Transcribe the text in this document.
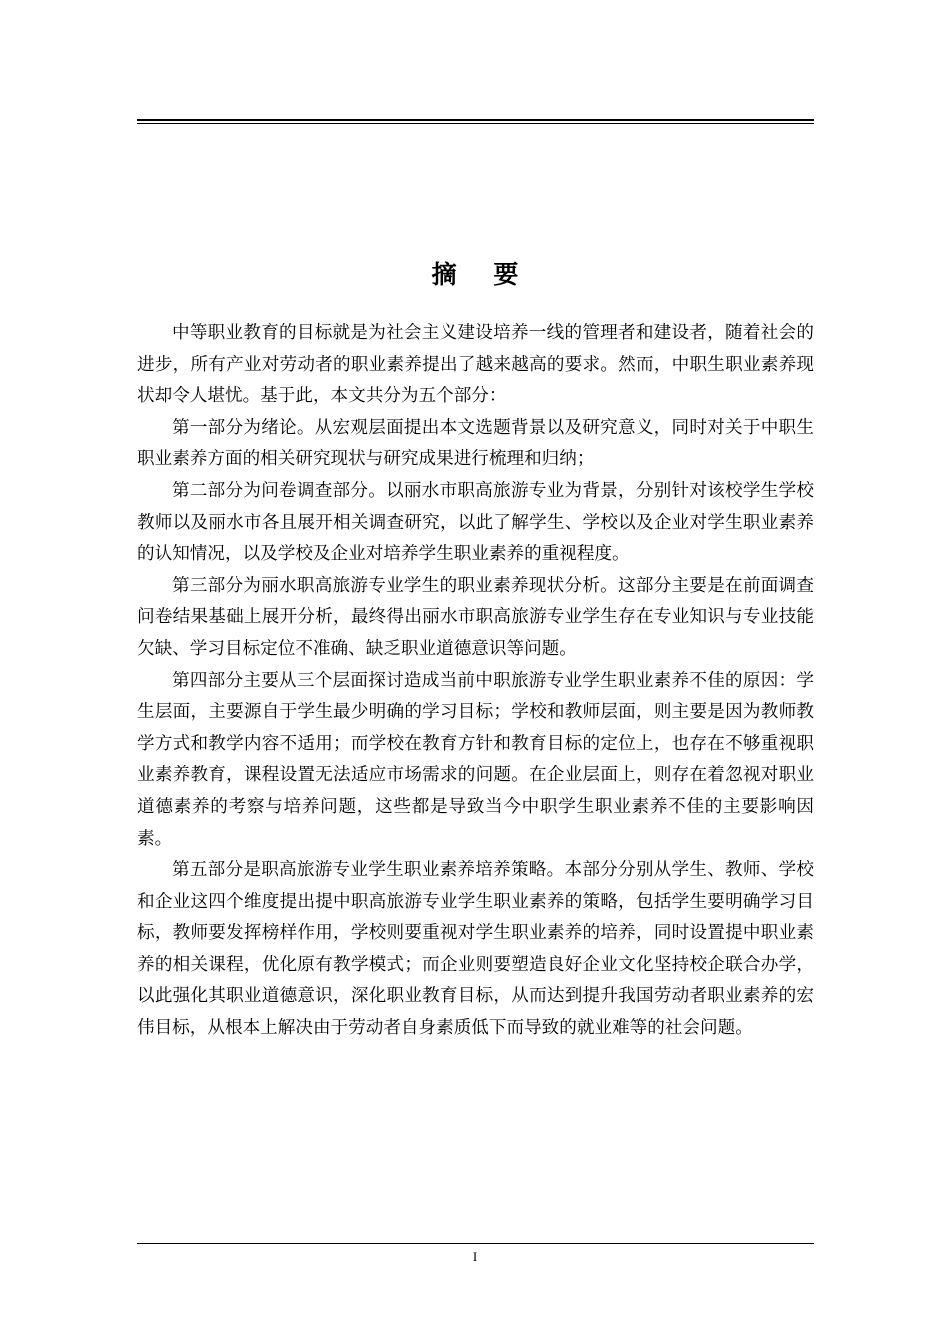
摘 要

中等职业教育的目标就是为社会主义建设培养一线的管理者和建设者，随着社会的进步，所有产业对劳动者的职业素养提出了越来越高的要求。然而，中职生职业素养现状却令人堪忧。基于此，本文共分为五个部分：

第一部分为绪论。从宏观层面提出本文选题背景以及研究意义，同时对关于中职生职业素养方面的相关研究现状与研究成果进行梳理和归纳；

第二部分为问卷调查部分。以丽水市职高旅游专业为背景，分别针对该校学生学校教师以及丽水市各且展开相关调查研究，以此了解学生、学校以及企业对学生职业素养的认知情况，以及学校及企业对培养学生职业素养的重视程度。

第三部分为丽水职高旅游专业学生的职业素养现状分析。这部分主要是在前面调查问卷结果基础上展开分析，最终得出丽水市职高旅游专业学生存在专业知识与专业技能欠缺、学习目标定位不准确、缺乏职业道德意识等问题。

第四部分主要从三个层面探讨造成当前中职旅游专业学生职业素养不佳的原因：学生层面，主要源自于学生最少明确的学习目标；学校和教师层面，则主要是因为教师教学方式和教学内容不适用；而学校在教育方针和教育目标的定位上，也存在不够重视职业素养教育，课程设置无法适应市场需求的问题。在企业层面上，则存在着忽视对职业道德素养的考察与培养问题，这些都是导致当今中职学生职业素养不佳的主要影响因素。

第五部分是职高旅游专业学生职业素养培养策略。本部分分别从学生、教师、学校和企业这四个维度提出提中职高旅游专业学生职业素养的策略，包括学生要明确学习目标，教师要发挥榜样作用，学校则要重视对学生职业素养的培养，同时设置提中职业素养的相关课程，优化原有教学模式；而企业则要塑造良好企业文化坚持校企联合办学，以此强化其职业道德意识，深化职业教育目标，从而达到提升我国劳动者职业素养的宏伟目标，从根本上解决由于劳动者自身素质低下而导致的就业难等的社会问题。

I
